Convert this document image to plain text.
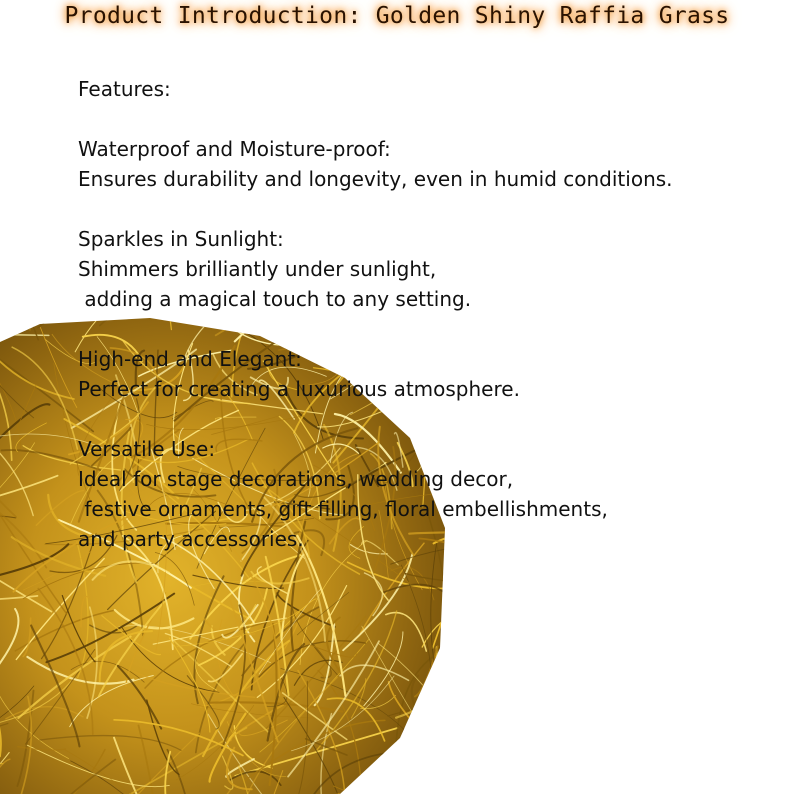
Product Introduction: Golden Shiny Raffia Grass
Features:
Waterproof and Moisture-proof:
Ensures durability and longevity, even in humid conditions.
Sparkles in Sunlight:
Shimmers brilliantly under sunlight,
adding a magical touch to any setting.
High-end and Elegant:
Perfect for creating a luxurious atmosphere.
Versatile Use:
Ideal for stage decorations, wedding decor,
festive ornaments, gift filling, floral embellishments,
and party accessories.
